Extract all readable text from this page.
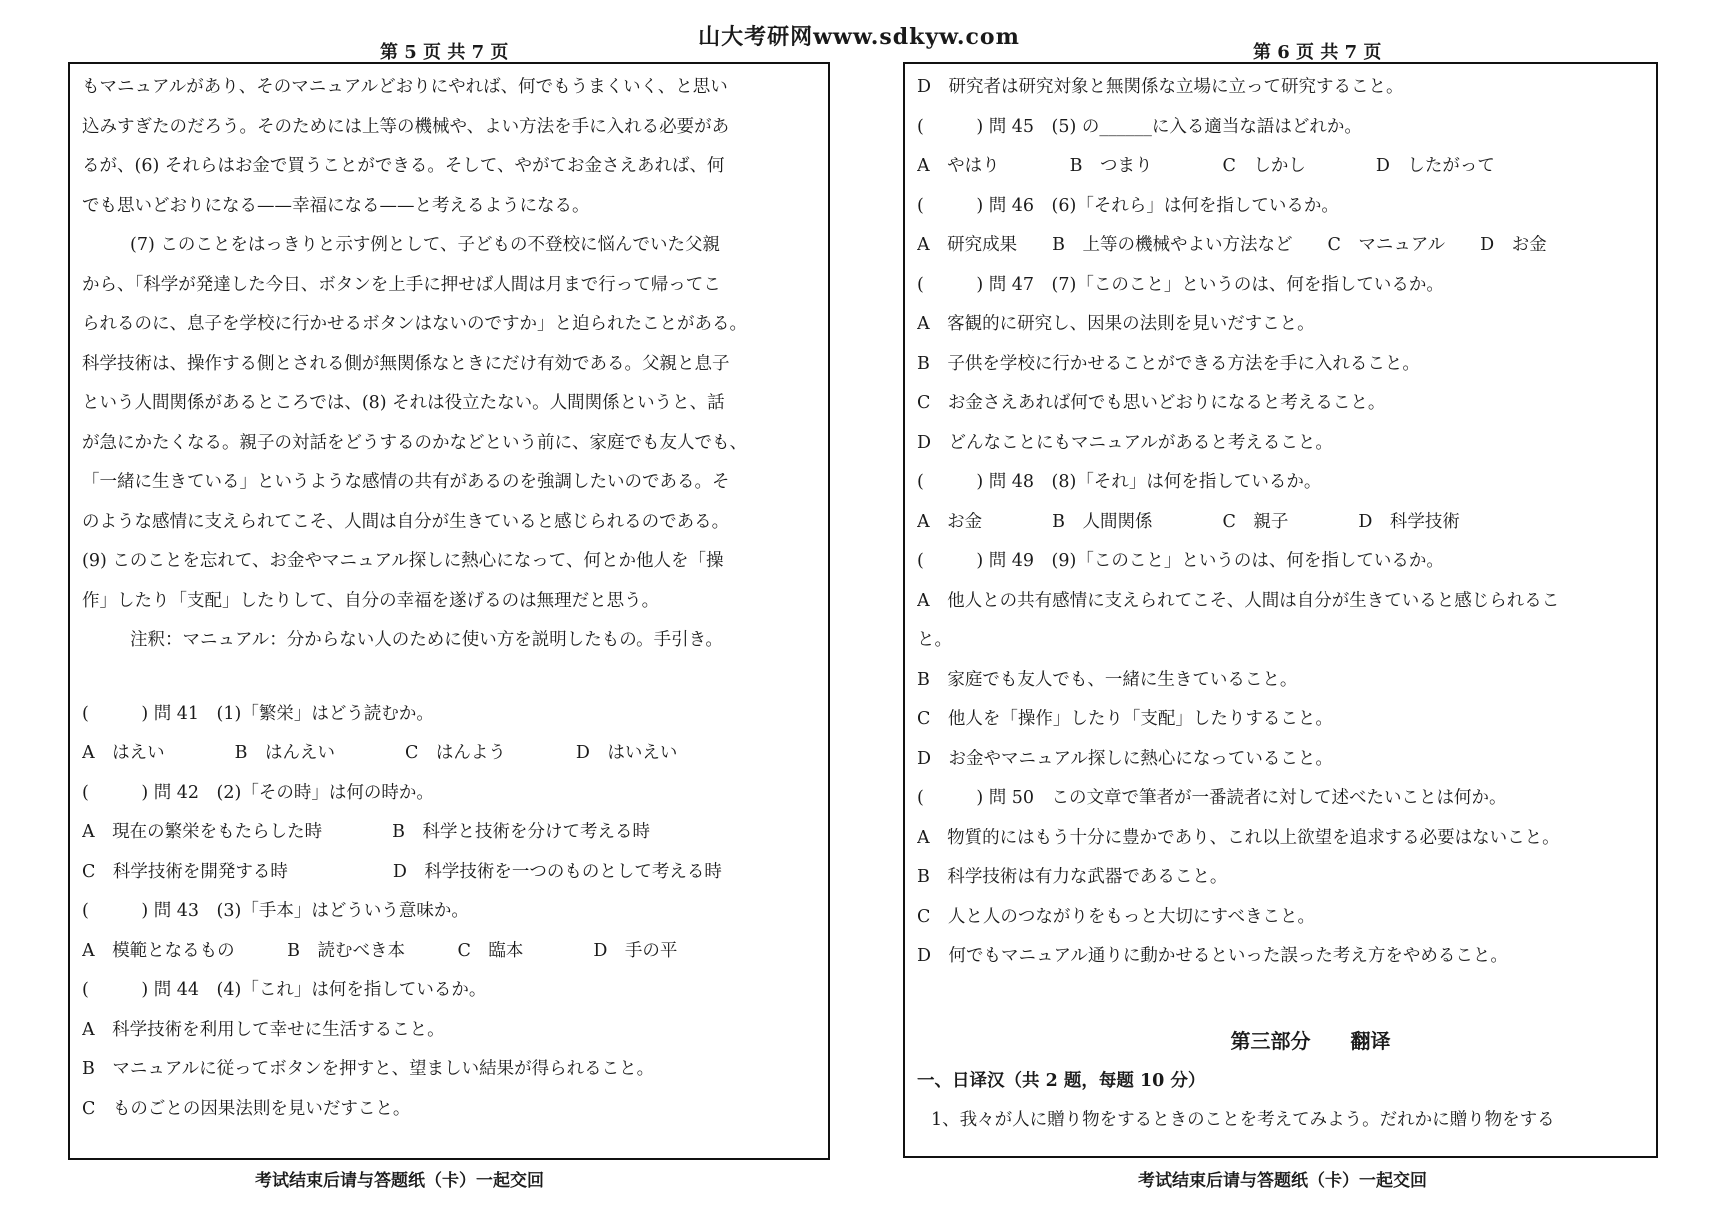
山大考研网www.sdkyw.com
第 5 页 共 7 页	第 6 页 共 7 页
もマニュアルがあり、そのマニュアルどおりにやれば、何でもうまくいく、と思い
込みすぎたのだろう。そのためには上等の機械や、よい方法を手に入れる必要があ
るが、(6) それらはお金で買うことができる。そして、やがてお金さえあれば、何
でも思いどおりになる——幸福になる——と考えるようになる。
(7) このことをはっきりと示す例として、子どもの不登校に悩んでいた父親
から、「科学が発達した今日、ボタンを上手に押せば人間は月まで行って帰ってこ
られるのに、息子を学校に行かせるボタンはないのですか」と迫られたことがある。
科学技術は、操作する側とされる側が無関係なときにだけ有効である。父親と息子
という人間関係があるところでは、(8) それは役立たない。人間関係というと、話
が急にかたくなる。親子の対話をどうするのかなどという前に、家庭でも友人でも、
「一緒に生きている」というような感情の共有があるのを強調したいのである。そ
のような感情に支えられてこそ、人間は自分が生きていると感じられるのである。
(9) このことを忘れて、お金やマニュアル探しに熱心になって、何とか他人を「操
作」したり「支配」したりして、自分の幸福を遂げるのは無理だと思う。
注釈：マニュアル：分からない人のために使い方を説明したもの。手引き。
(　　　) 問 41　(1)「繁栄」はどう読むか。
A　はえい　　　　B　はんえい　　　　C　はんよう　　　　D　はいえい
(　　　) 問 42　(2)「その時」は何の時か。
A　現在の繁栄をもたらした時　　　　B　科学と技術を分けて考える時
C　科学技術を開発する時　　　　　　D　科学技術を一つのものとして考える時
(　　　) 問 43　(3)「手本」はどういう意味か。
A　模範となるもの　　　B　読むべき本　　　C　臨本　　　　D　手の平
(　　　) 問 44　(4)「これ」は何を指しているか。
A　科学技術を利用して幸せに生活すること。
B　マニュアルに従ってボタンを押すと、望ましい結果が得られること。
C　ものごとの因果法則を見いだすこと。
D　研究者は研究対象と無関係な立場に立って研究すること。
(　　　) 問 45　(5) の______に入る適当な語はどれか。
A　やはり　　　　B　つまり　　　　C　しかし　　　　D　したがって
(　　　) 問 46　(6)「それら」は何を指しているか。
A　研究成果　　B　上等の機械やよい方法など　　C　マニュアル　　D　お金
(　　　) 問 47　(7)「このこと」というのは、何を指しているか。
A　客観的に研究し、因果の法則を見いだすこと。
B　子供を学校に行かせることができる方法を手に入れること。
C　お金さえあれば何でも思いどおりになると考えること。
D　どんなことにもマニュアルがあると考えること。
(　　　) 問 48　(8)「それ」は何を指しているか。
A　お金　　　　B　人間関係　　　　C　親子　　　　D　科学技術
(　　　) 問 49　(9)「このこと」というのは、何を指しているか。
A　他人との共有感情に支えられてこそ、人間は自分が生きていると感じられるこ
と。
B　家庭でも友人でも、一緒に生きていること。
C　他人を「操作」したり「支配」したりすること。
D　お金やマニュアル探しに熱心になっていること。
(　　　) 問 50　この文章で筆者が一番読者に対して述べたいことは何か。
A　物質的にはもう十分に豊かであり、これ以上欲望を追求する必要はないこと。
B　科学技術は有力な武器であること。
C　人と人のつながりをもっと大切にすべきこと。
D　何でもマニュアル通りに動かせるといった誤った考え方をやめること。
第三部分　　翻译
一、日译汉（共 2 题，每题 10 分）
1、我々が人に贈り物をするときのことを考えてみよう。だれかに贈り物をする
考试结束后请与答题纸（卡）一起交回	考试结束后请与答题纸（卡）一起交回
